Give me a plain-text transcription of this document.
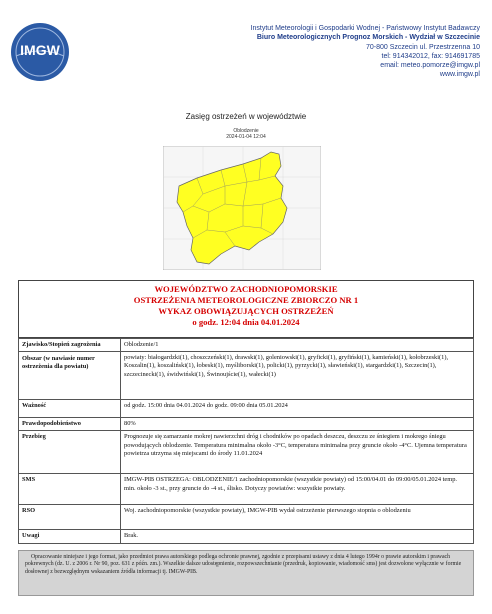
IMGW
Instytut Meteorologii i Gospodarki Wodnej - Państwowy Instytut Badawczy
Biuro Meteorologicznych Prognoz Morskich - Wydział w Szczecinie
70-800 Szczecin ul. Przestrzenna 10
tel: 914342012, fax: 914691785
email: meteo.pomorze@imgw.pl
www.imgw.pl
Zasięg ostrzeżeń w województwie
Oblodzenie
2024-01-04 12:04
WOJEWÓDZTWO ZACHODNIOPOMORSKIE
OSTRZEŻENIA METEOROLOGICZNE ZBIORCZO NR 1
WYKAZ OBOWIĄZUJĄCYCH OSTRZEŻEŃ
o godz. 12:04 dnia 04.01.2024
Zjawisko/Stopień zagrożenia	Oblodzenie/1
Obszar (w nawiasie numer ostrzeżenia dla powiatu)	powiaty: białogardzki(1), choszczeński(1), drawski(1), goleniowski(1), gryficki(1), gryfiński(1), kamieński(1), kołobrzeski(1), Koszalin(1), koszaliński(1), łobeski(1), myśliborski(1), policki(1), pyrzycki(1), sławieński(1), stargardzki(1), Szczecin(1), szczecinecki(1), świdwiński(1), Świnoujście(1), wałecki(1)
Ważność	od godz. 15:00 dnia 04.01.2024 do godz. 09:00 dnia 05.01.2024
Prawdopodobieństwo	80%
Przebieg	Prognozuje się zamarzanie mokrej nawierzchni dróg i chodników po opadach deszczu, deszczu ze śniegiem i mokrego śniegu powodujących oblodzenie. Temperatura minimalna około -3°C, temperatura minimalna przy gruncie około -4°C. Ujemna temperatura powietrza utrzyma się miejscami do środy 11.01.2024
SMS	IMGW-PIB OSTRZEGA: OBLODZENIE/1 zachodniopomorskie (wszystkie powiaty) od 15:00/04.01 do 09:00/05.01.2024 temp. min. około -3 st., przy gruncie do -4 st., ślisko. Dotyczy powiatów: wszystkie powiaty.
RSO	Woj. zachodniopomorskie (wszystkie powiaty), IMGW-PIB wydał ostrzeżenie pierwszego stopnia o oblodzeniu
Uwagi	Brak.
Opracowanie niniejsze i jego format, jako przedmiot prawa autorskiego podlega ochronie prawnej, zgodnie z przepisami ustawy z dnia 4 lutego 1994r o prawie autorskim i prawach pokrewnych (dz. U. z 2006 r. Nr 90, poz. 631 z późn. zm.). Wszelkie dalsze udostępnienie, rozpowszechnianie (przedruk, kopiowanie, wiadomość sms) jest dozwolone wyłącznie w formie dosłownej z bezwzględnym wskazaniem źródła informacji tj. IMGW-PIB.
